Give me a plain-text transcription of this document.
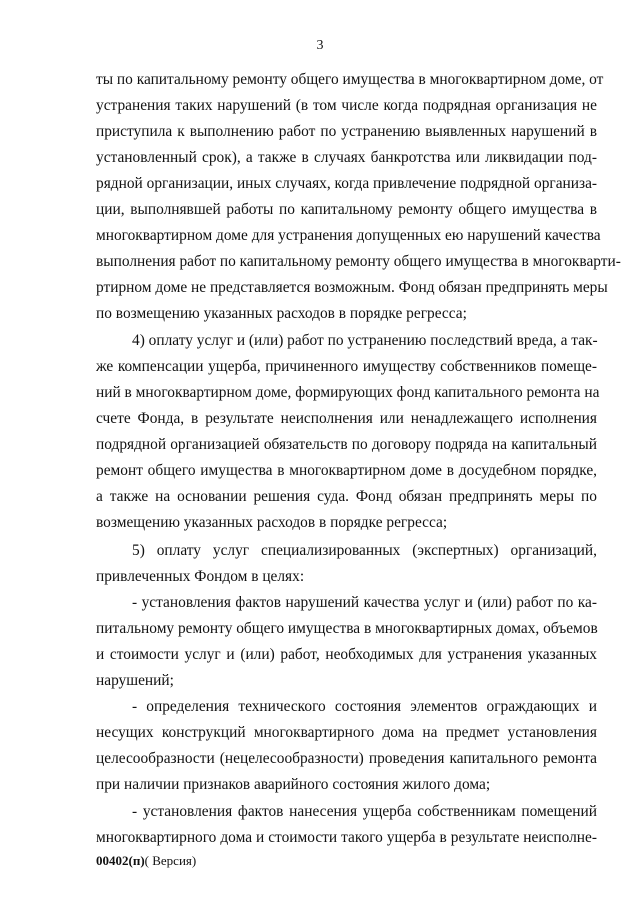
3
ты по капитальному ремонту общего имущества в многоквартирном доме, от
устранения таких нарушений (в том числе когда подрядная организация не
приступила к выполнению работ по устранению выявленных нарушений в
установленный срок), а также в случаях банкротства или ликвидации под-
рядной организации, иных случаях, когда привлечение подрядной организа-
ции, выполнявшей работы по капитальному ремонту общего имущества в
многоквартирном доме для устранения допущенных ею нарушений качества
выполнения работ по капитальному ремонту общего имущества в многокварти-
ртирном доме не представляется возможным. Фонд обязан предпринять меры
по возмещению указанных расходов в порядке регресса;
4) оплату услуг и (или) работ по устранению последствий вреда, а так-
же компенсации ущерба, причиненного имуществу собственников помеще-
ний в многоквартирном доме, формирующих фонд капитального ремонта на
счете Фонда, в результате неисполнения или ненадлежащего исполнения
подрядной организацией обязательств по договору подряда на капитальный
ремонт общего имущества в многоквартирном доме в досудебном порядке,
а также на основании решения суда. Фонд обязан предпринять меры по
возмещению указанных расходов в порядке регресса;
5) оплату услуг специализированных (экспертных) организаций,
привлеченных Фондом в целях:
- установления фактов нарушений качества услуг и (или) работ по ка-
питальному ремонту общего имущества в многоквартирных домах, объемов
и стоимости услуг и (или) работ, необходимых для устранения указанных
нарушений;
- определения технического состояния элементов ограждающих и
несущих конструкций многоквартирного дома на предмет установления
целесообразности (нецелесообразности) проведения капитального ремонта
при наличии признаков аварийного состояния жилого дома;
- установления фактов нанесения ущерба собственникам помещений
многоквартирного дома и стоимости такого ущерба в результате неисполне-
00402(п)( Версия)
